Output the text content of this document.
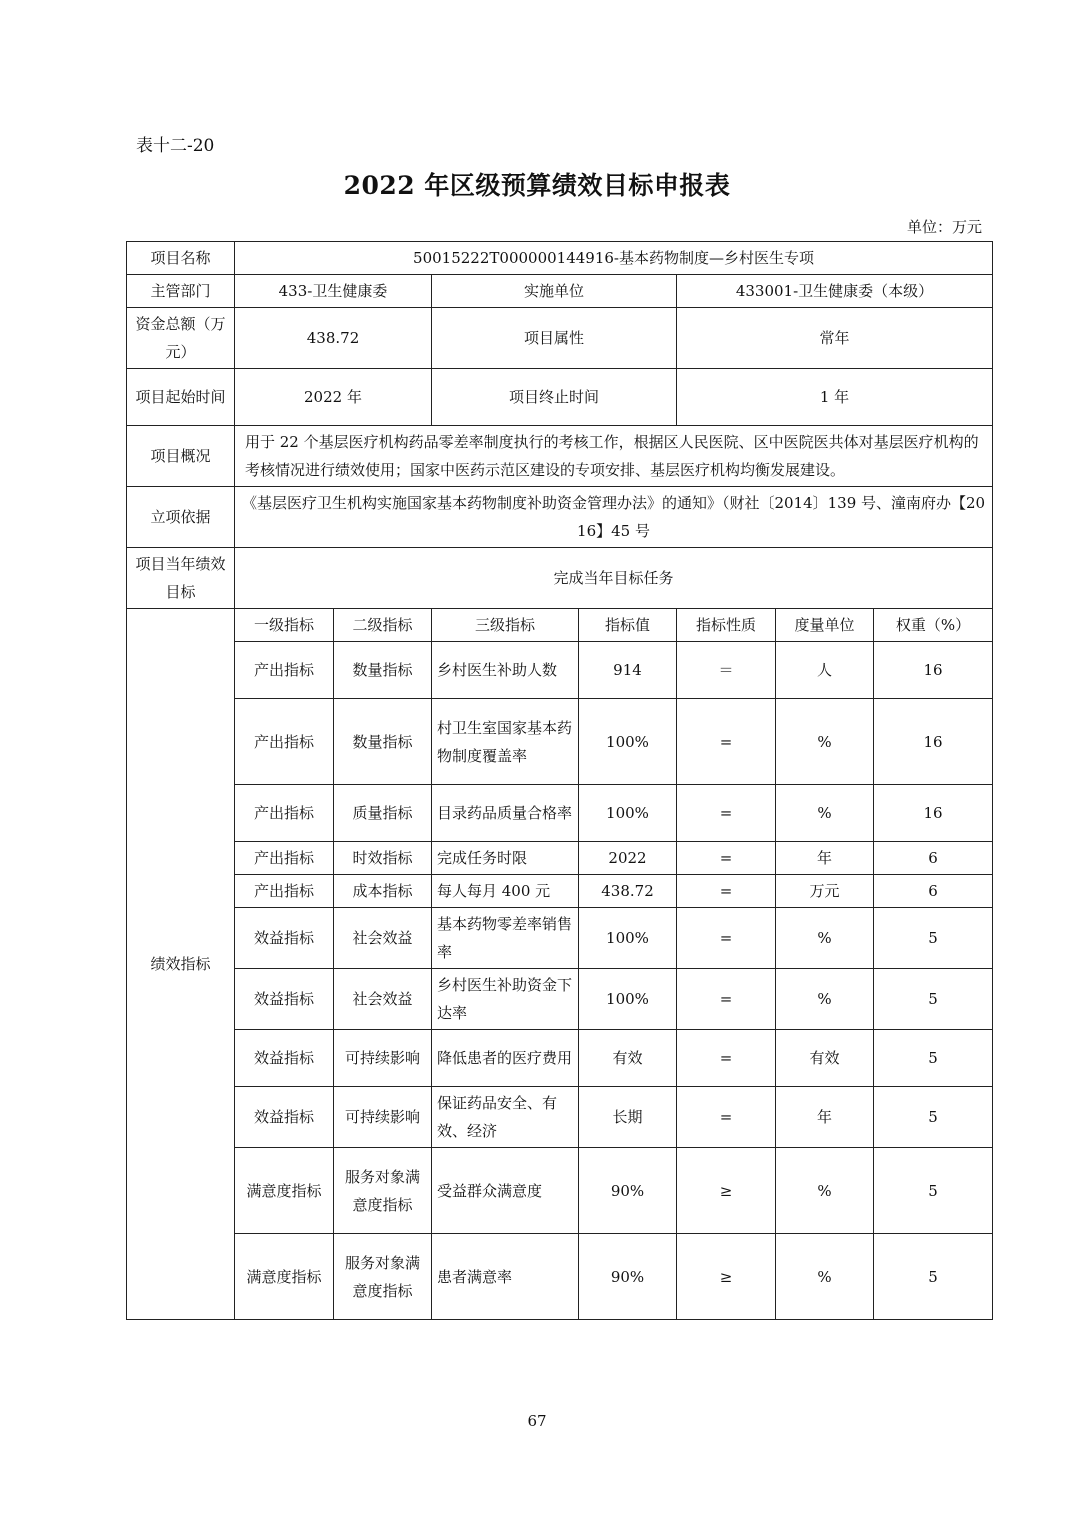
表十二-20
2022 年区级预算绩效目标申报表
单位：万元
项目名称	50015222T000000144916-基本药物制度—乡村医生专项						
主管部门	433-卫生健康委		实施单位		433001-卫生健康委（本级）		
资金总额（万元）	438.72		项目属性		常年		
项目起始时间	2022 年		项目终止时间		1 年		
项目概况	用于 22 个基层医疗机构药品零差率制度执行的考核工作，根据区人民医院、区中医院医共体对基层医疗机构的考核情况进行绩效使用；国家中医药示范区建设的专项安排、基层医疗机构均衡发展建设。						
立项依据	《基层医疗卫生机构实施国家基本药物制度补助资金管理办法》的通知》（财社〔2014〕139 号、潼南府办【2016】45 号						
项目当年绩效目标	完成当年目标任务						
绩效指标	一级指标	二级指标	三级指标	指标值	指标性质	度量单位	权重（%）
	产出指标	数量指标	乡村医生补助人数	914	＝	人	16
	产出指标	数量指标	村卫生室国家基本药物制度覆盖率	100%	=	%	16
	产出指标	质量指标	目录药品质量合格率	100%	=	%	16
	产出指标	时效指标	完成任务时限	2022	=	年	6
	产出指标	成本指标	每人每月 400 元	438.72	=	万元	6
	效益指标	社会效益	基本药物零差率销售率	100%	=	%	5
	效益指标	社会效益	乡村医生补助资金下达率	100%	=	%	5
	效益指标	可持续影响	降低患者的医疗费用	有效	=	有效	5
	效益指标	可持续影响	保证药品安全、有效、经济	长期	=	年	5
	满意度指标	服务对象满意度指标	受益群众满意度	90%	≥	%	5
	满意度指标	服务对象满意度指标	患者满意率	90%	≥	%	5
67
